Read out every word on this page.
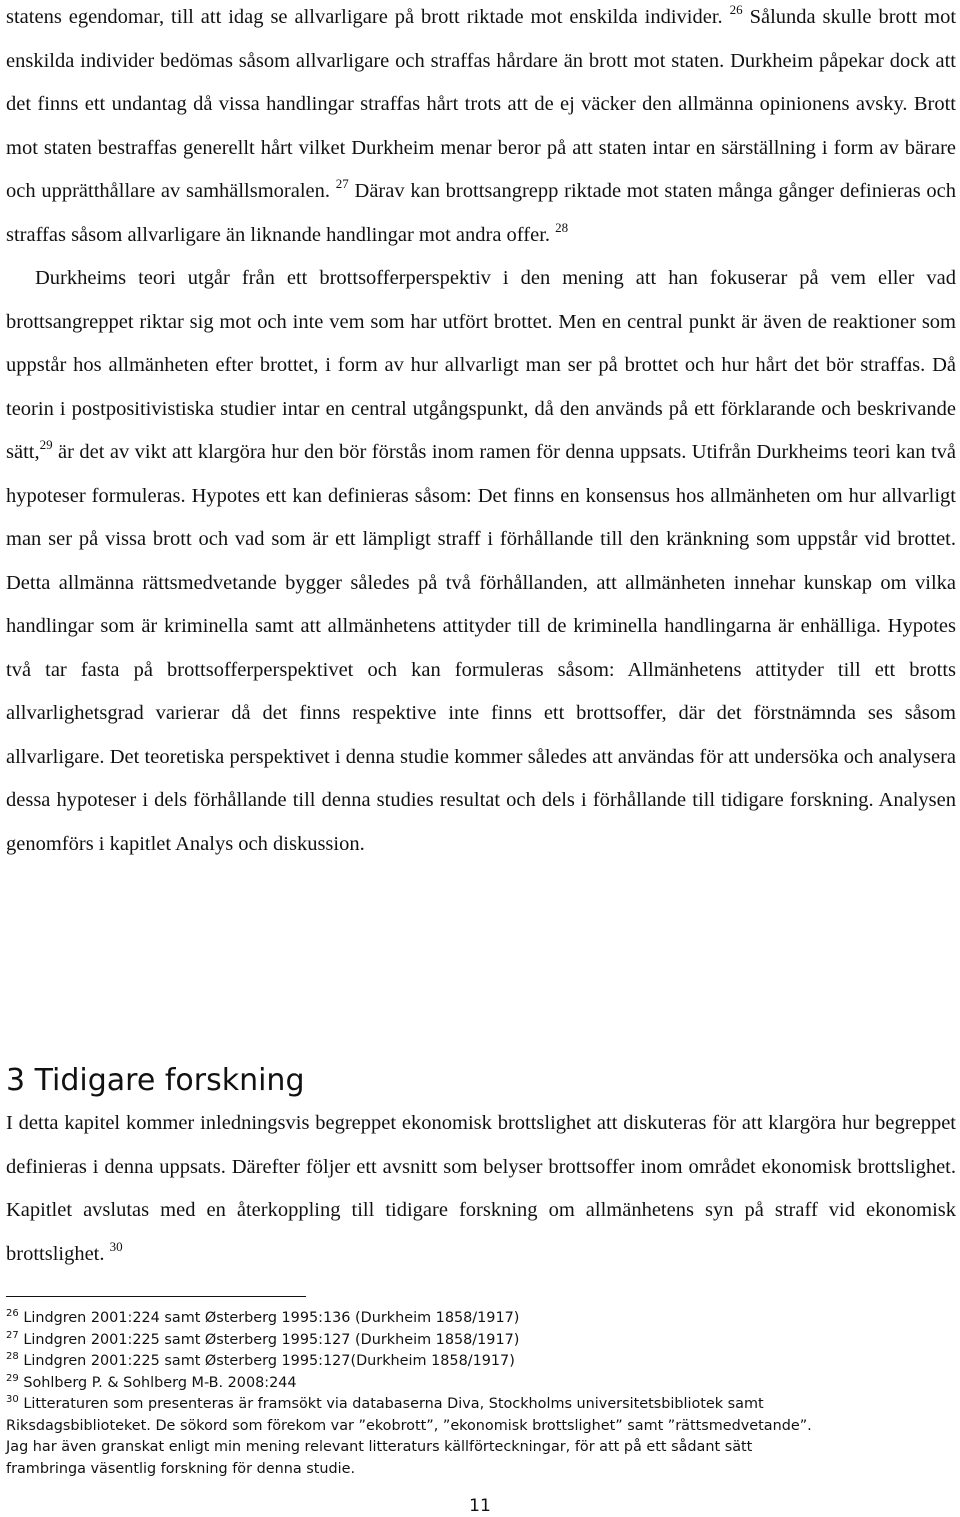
statens egendomar, till att idag se allvarligare på brott riktade mot enskilda individer. $^{26}$ Sålunda skulle brott mot enskilda individer bedömas såsom allvarligare och straffas hårdare än brott mot staten. Durkheim påpekar dock att det finns ett undantag då vissa handlingar straffas hårt trots att de ej väcker den allmänna opinionens avsky. Brott mot staten bestraffas generellt hårt vilket Durkheim menar beror på att staten intar en särställning i form av bärare och upprätthållare av samhällsmoralen. $^{27}$ Därav kan brottsangrepp riktade mot staten många gånger definieras och straffas såsom allvarligare än liknande handlingar mot andra offer. $^{28}$

Durkheims teori utgår från ett brottsofferperspektiv i den mening att han fokuserar på vem eller vad brottsangreppet riktar sig mot och inte vem som har utfört brottet. Men en central punkt är även de reaktioner som uppstår hos allmänheten efter brottet, i form av hur allvarligt man ser på brottet och hur hårt det bör straffas. Då teorin i postpositivistiska studier intar en central utgångspunkt, då den används på ett förklarande och beskrivande sätt,$^{29}$ är det av vikt att klargöra hur den bör förstås inom ramen för denna uppsats. Utifrån Durkheims teori kan två hypoteser formuleras. Hypotes ett kan definieras såsom: Det finns en konsensus hos allmänheten om hur allvarligt man ser på vissa brott och vad som är ett lämpligt straff i förhållande till den kränkning som uppstår vid brottet. Detta allmänna rättsmedvetande bygger således på två förhållanden, att allmänheten innehar kunskap om vilka handlingar som är kriminella samt att allmänhetens attityder till de kriminella handlingarna är enhälliga. Hypotes två tar fasta på brottsofferperspektivet och kan formuleras såsom: Allmänhetens attityder till ett brotts allvarlighetsgrad varierar då det finns respektive inte finns ett brottsoffer, där det förstnämnda ses såsom allvarligare. Det teoretiska perspektivet i denna studie kommer således att användas för att undersöka och analysera dessa hypoteser i dels förhållande till denna studies resultat och dels i förhållande till tidigare forskning. Analysen genomförs i kapitlet Analys och diskussion.

3 Tidigare forskning

I detta kapitel kommer inledningsvis begreppet ekonomisk brottslighet att diskuteras för att klargöra hur begreppet definieras i denna uppsats. Därefter följer ett avsnitt som belyser brottsoffer inom området ekonomisk brottslighet. Kapitlet avslutas med en återkoppling till tidigare forskning om allmänhetens syn på straff vid ekonomisk brottslighet. $^{30}$

$^{26}$ Lindgren 2001:224 samt Østerberg 1995:136 (Durkheim 1858/1917)

$^{27}$ Lindgren 2001:225 samt Østerberg 1995:127 (Durkheim 1858/1917)

$^{28}$ Lindgren 2001:225 samt Østerberg 1995:127(Durkheim 1858/1917)

$^{29}$ Sohlberg P. & Sohlberg M-B. 2008:244

$^{30}$ Litteraturen som presenteras är framsökt via databaserna Diva, Stockholms universitetsbibliotek samt

Riksdagsbiblioteket. De sökord som förekom var ”ekobrott”, ”ekonomisk brottslighet” samt ”rättsmedvetande”.

Jag har även granskat enligt min mening relevant litteraturs källförteckningar, för att på ett sådant sätt

frambringa väsentlig forskning för denna studie.

11
